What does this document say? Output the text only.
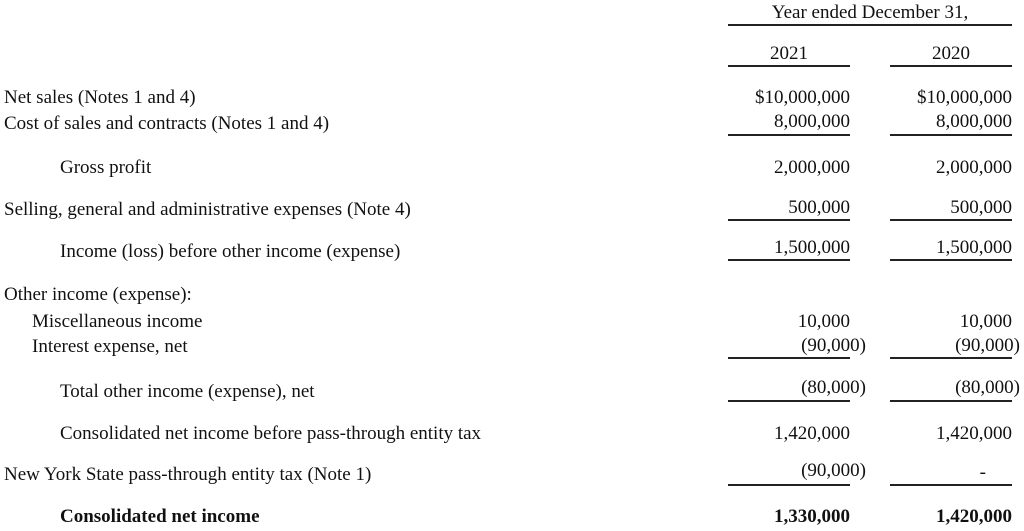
Year ended December 31,
2021	2020
Net sales (Notes 1 and 4)	$10,000,000	$10,000,000
Cost of sales and contracts (Notes 1 and 4)	8,000,000	8,000,000
Gross profit	2,000,000	2,000,000
Selling, general and administrative expenses (Note 4)	500,000	500,000
Income (loss) before other income (expense)	1,500,000	1,500,000
Other income (expense):
Miscellaneous income	10,000	10,000
Interest expense, net	(90,000)	(90,000)
Total other income (expense), net	(80,000)	(80,000)
Consolidated net income before pass-through entity tax	1,420,000	1,420,000
New York State pass-through entity tax (Note 1)	(90,000)	-
Consolidated net income	1,330,000	1,420,000
